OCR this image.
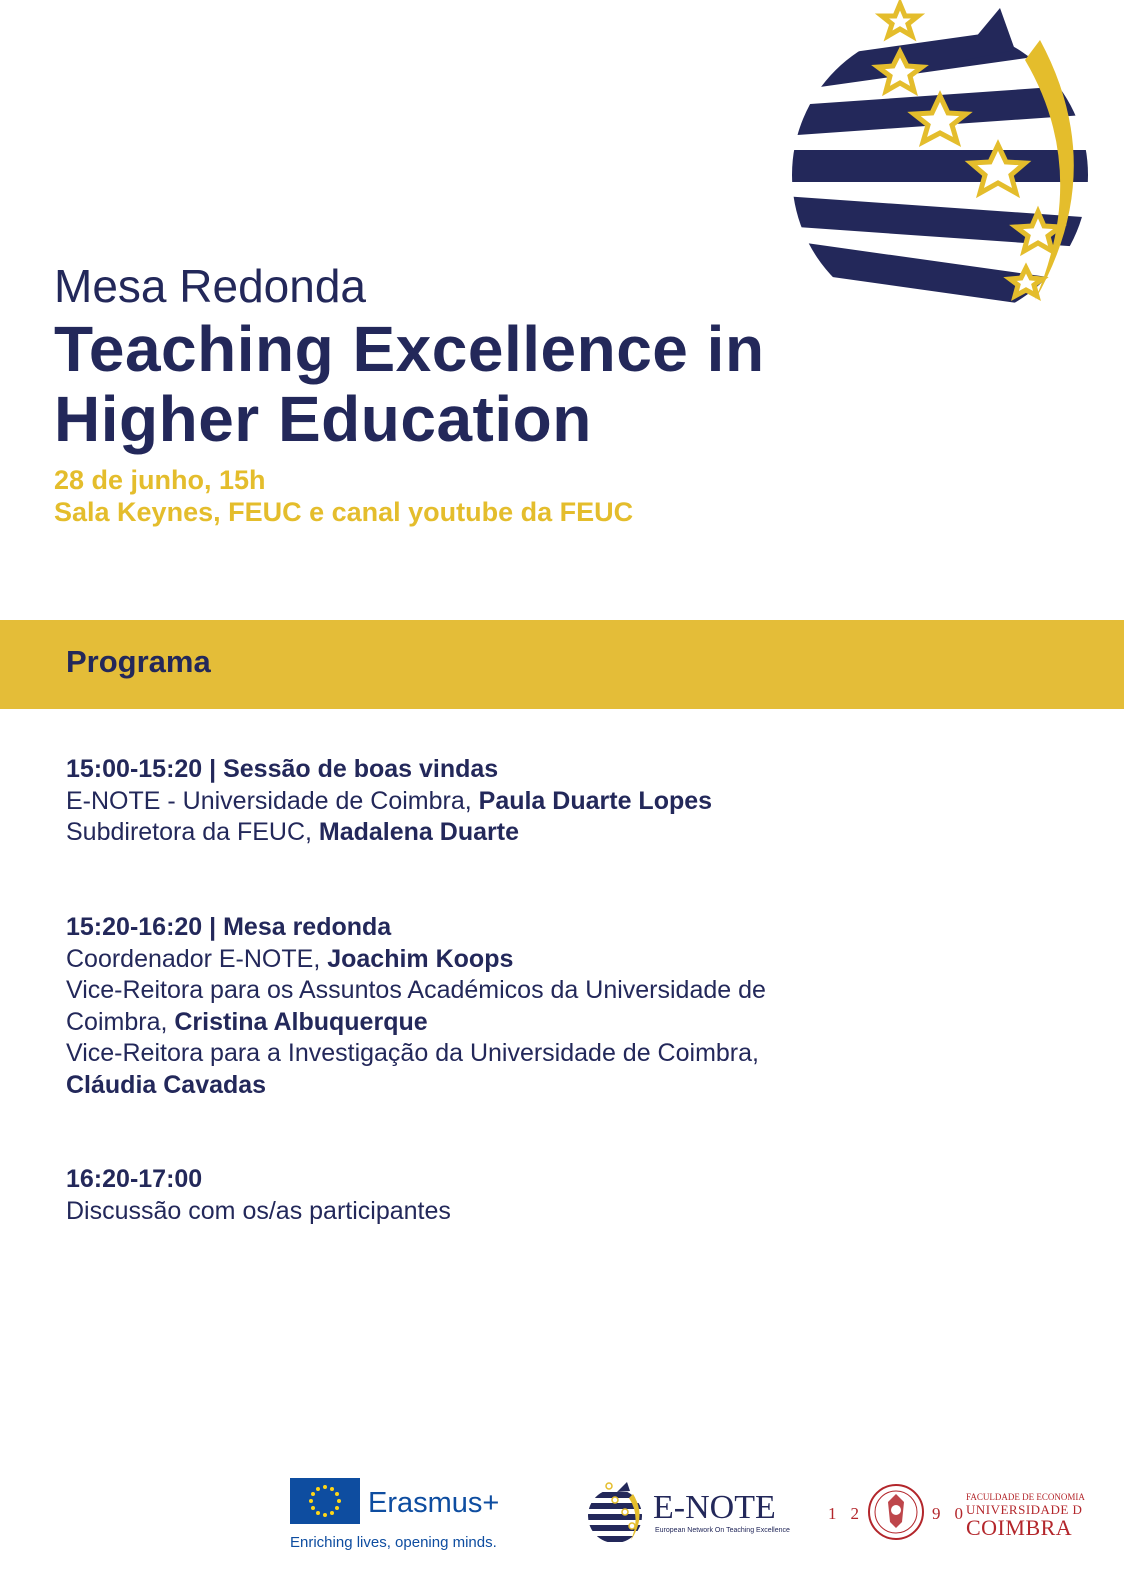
Mesa Redonda
Teaching Excellence in Higher Education
28 de junho, 15h
Sala Keynes, FEUC e canal youtube da FEUC
Programa
15:00-15:20 | Sessão de boas vindas
E-NOTE - Universidade de Coimbra, Paula Duarte Lopes
Subdiretora da FEUC, Madalena Duarte
15:20-16:20 | Mesa redonda
Coordenador E-NOTE, Joachim Koops
Vice-Reitora para os Assuntos Académicos da Universidade de
Coimbra, Cristina Albuquerque
Vice-Reitora para a Investigação da Universidade de Coimbra,
Cláudia Cavadas
16:20-17:00
Discussão com os/as participantes
Erasmus+
Enriching lives, opening minds.
E-NOTE
European Network On Teaching Excellence
12	90
FACULDADE DE ECONOMIA
UNIVERSIDADE D
COIMBRA
